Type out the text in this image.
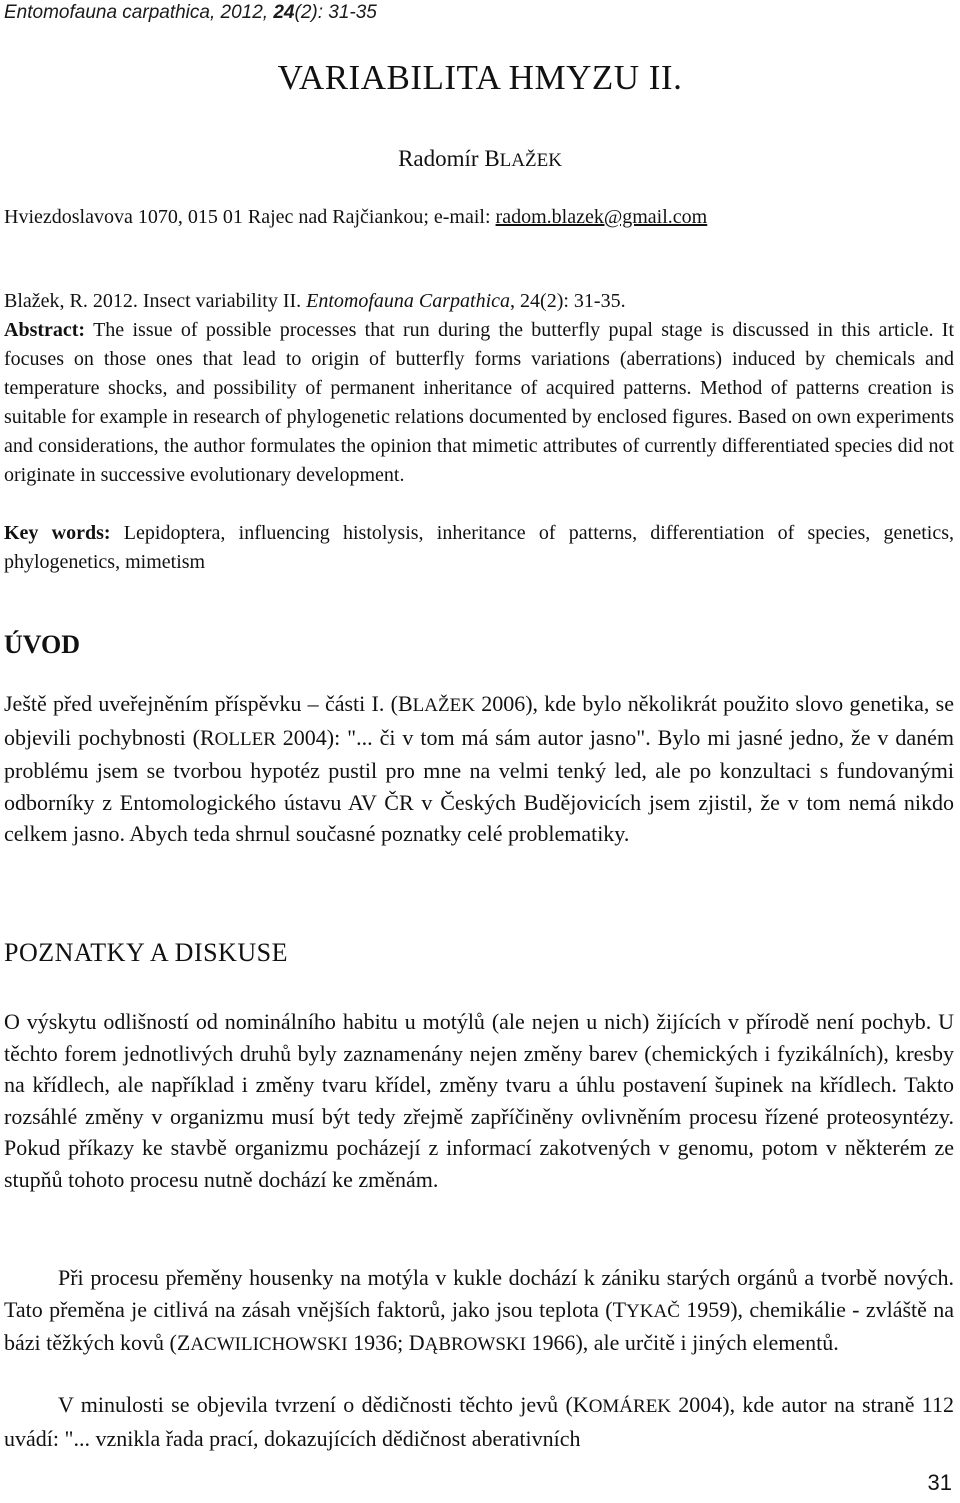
Entomofauna carpathica, 2012, 24(2): 31-35

VARIABILITA HMYZU II.

Radomír BLAŽEK

Hviezdoslavova 1070, 015 01 Rajec nad Rajčiankou; e-mail: radom.blazek@gmail.com

Blažek, R. 2012. Insect variability II. Entomofauna Carpathica, 24(2): 31-35.

Abstract: The issue of possible processes that run during the butterfly pupal stage is discussed in this article. It focuses on those ones that lead to origin of butterfly forms variations (aberrations) induced by chemicals and temperature shocks, and possibility of permanent inheritance of acquired patterns. Method of patterns creation is suitable for example in research of phylogenetic relations documented by enclosed figures. Based on own experiments and considerations, the author formulates the opinion that mimetic attributes of currently differentiated species did not originate in successive evolutionary development.

Key words: Lepidoptera, influencing histolysis, inheritance of patterns, differentiation of species, genetics, phylogenetics, mimetism

ÚVOD

Ještě před uveřejněním příspěvku – části I. (BLAŽEK 2006), kde bylo několikrát použito slovo genetika, se objevili pochybnosti (ROLLER 2004): "... či v tom má sám autor jasno". Bylo mi jasné jedno, že v daném problému jsem se tvorbou hypotéz pustil pro mne na velmi tenký led, ale po konzultaci s fundovanými odborníky z Entomologického ústavu AV ČR v Českých Budějovicích jsem zjistil, že v tom nemá nikdo celkem jasno. Abych teda shrnul současné poznatky celé problematiky.

POZNATKY A DISKUSE

O výskytu odlišností od nominálního habitu u motýlů (ale nejen u nich) žijících v přírodě není pochyb. U těchto forem jednotlivých druhů byly zaznamenány nejen změny barev (chemických i fyzikálních), kresby na křídlech, ale například i změny tvaru křídel, změny tvaru a úhlu postavení šupinek na křídlech. Takto rozsáhlé změny v organizmu musí být tedy zřejmě zapříčiněny ovlivněním procesu řízené proteosyntézy. Pokud příkazy ke stavbě organizmu pocházejí z informací zakotvených v genomu, potom v některém ze stupňů tohoto procesu nutně dochází ke změnám.

Při procesu přeměny housenky na motýla v kukle dochází k zániku starých orgánů a tvorbě nových. Tato přeměna je citlivá na zásah vnějších faktorů, jako jsou teplota (TYKAČ 1959), chemikálie - zvláště na bázi těžkých kovů (ZACWILICHOWSKI 1936; DĄBROWSKI 1966), ale určitě i jiných elementů.

V minulosti se objevila tvrzení o dědičnosti těchto jevů (KOMÁREK 2004), kde autor na straně 112 uvádí: "... vznikla řada prací, dokazujících dědičnost aberativních

31
